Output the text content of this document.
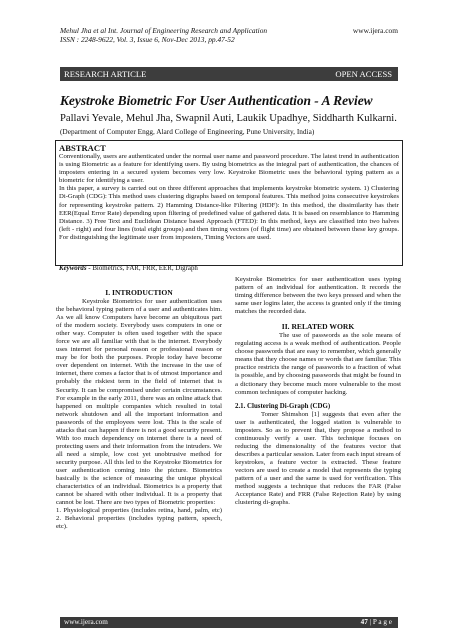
Mehul Jha et al Int. Journal of Engineering Research and Application
ISSN : 2248-9622, Vol. 3, Issue 6, Nov-Dec 2013, pp.47-52
www.ijera.com
RESEARCH ARTICLE	OPEN ACCESS
Keystroke Biometric For User Authentication - A Review
Pallavi Yevale, Mehul Jha, Swapnil Auti, Laukik Upadhye, Siddharth Kulkarni.
(Department of Computer Engg, Alard College of Engineering, Pune University, India)
ABSTRACT

Conventionally, users are authenticated under the normal user name and password procedure. The latest trend in authentication is using Biometric as a feature for identifying users. By using biometrics as the integral part of authentication, the chances of imposters entering in a secured system becomes very low. Keystroke Biometric uses the behavioral typing pattern as a biometric for identifying a user.

In this paper, a survey is carried out on three different approaches that implements keystroke biometric system. 1) Clustering Di-Graph (CDG): This method uses clustering digraphs based on temporal features. This method joins consecutive keystrokes for representing keystroke pattern. 2) Hamming Distance-like Filtering (HDF): In this method, the dissimilarity has their EER(Equal Error Rate) depending upon filtering of predefined value of gathered data. It is based on resemblance to Hamming Distance. 3) Free Text and Euclidean Distance based Approach (FTED): In this method, keys are classified into two halves (left - right) and four lines (total eight groups) and then timing vectors (of flight time) are obtained between these key groups. For distinguishing the legitimate user from imposters, Timing Vectors are used.

Keywords - Biometrics, FAR, FRR, EER, Digraph

I. INTRODUCTION

Keystroke Biometrics for user authentication uses the behavioral typing pattern of a user and authenticates him. As we all know Computers have become an ubiquitous part of the modern society. Everybody uses computers in one or other way. Computer is often used together with the space force we are all familiar with that is the internet. Everybody uses internet for personal reason or professional reason or may be for both the purposes. People today have become over dependent on internet. With the increase in the use of internet, there comes a factor that is of utmost importance and probably the riskiest term in the field of internet that is Security. It can be compromised under certain circumstances. For example in the early 2011, there was an online attack that happened on multiple companies which resulted in total network shutdown and all the important information and passwords of the employees were lost. This is the scale of attacks that can happen if there is not a good security present. With too much dependency on internet there is a need of protecting users and their information from the intruders. We all need a simple, low cost yet unobtrusive method for security purpose. All this led to the Keystroke Biometrics for user authentication coming into the picture. Biometrics basically is the science of measuring the unique physical characteristics of an individual. Biometrics is a property that cannot be shared with other individual. It is a property that cannot be lost. There are two types of Biometric properties:

1. Physiological properties (includes retina, hand, palm, etc) 2. Behavioral properties (includes typing pattern, speech, etc).

Keystroke Biometrics for user authentication uses typing pattern of an individual for authentication. It records the timing difference between the two keys pressed and when the same user logins later, the access is granted only if the timing matches the recorded data.

II. RELATED WORK

The use of passwords as the sole means of regulating access is a weak method of authentication. People choose passwords that are easy to remember, which generally means that they choose names or words that are familiar. This practice restricts the range of passwords to a fraction of what is possible, and by choosing passwords that might be found in a dictionary they become much more vulnerable to the most common techniques of computer hacking.

2.1. Clustering Di-Graph (CDG)

Tomer Shimshon [1] suggests that even after the user is authenticated, the logged station is vulnerable to imposters. So as to prevent that, they propose a method to continuously verify a user. This technique focuses on reducing the dimensionality of the features vector that describes a particular session. Later from each input stream of keystrokes, a feature vector is extracted. These feature vectors are used to create a model that represents the typing pattern of a user and the same is used for verification. This method suggests a technique that reduces the FAR (False Acceptance Rate) and FRR (False Rejection Rate) by using clustering di-graphs.

www.ijera.com	47 | P a g e
